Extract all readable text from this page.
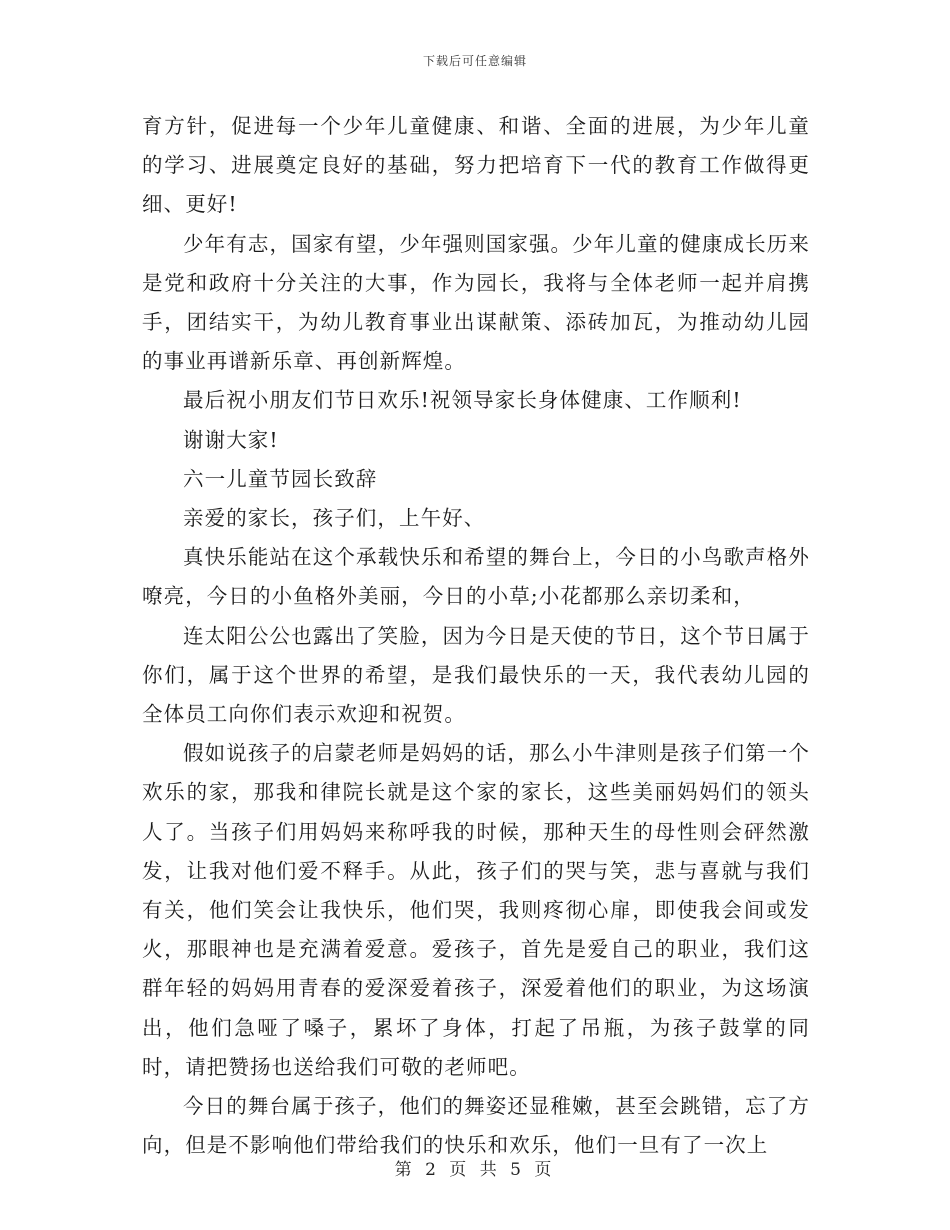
下载后可任意编辑

育方针，促进每一个少年儿童健康、和谐、全面的进展，为少年儿童的学习、进展奠定良好的基础，努力把培育下一代的教育工作做得更细、更好!

少年有志，国家有望，少年强则国家强。少年儿童的健康成长历来是党和政府十分关注的大事，作为园长，我将与全体老师一起并肩携手，团结实干，为幼儿教育事业出谋献策、添砖加瓦，为推动幼儿园的事业再谱新乐章、再创新辉煌。

最后祝小朋友们节日欢乐!祝领导家长身体健康、工作顺利!

谢谢大家!

六一儿童节园长致辞

亲爱的家长，孩子们，上午好、

真快乐能站在这个承载快乐和希望的舞台上，今日的小鸟歌声格外嘹亮，今日的小鱼格外美丽，今日的小草;小花都那么亲切柔和，

连太阳公公也露出了笑脸，因为今日是天使的节日，这个节日属于你们，属于这个世界的希望，是我们最快乐的一天，我代表幼儿园的全体员工向你们表示欢迎和祝贺。

假如说孩子的启蒙老师是妈妈的话，那么小牛津则是孩子们第一个欢乐的家，那我和律院长就是这个家的家长，这些美丽妈妈们的领头人了。当孩子们用妈妈来称呼我的时候，那种天生的母性则会砰然激发，让我对他们爱不释手。从此，孩子们的哭与笑，悲与喜就与我们有关，他们笑会让我快乐，他们哭，我则疼彻心扉，即使我会间或发火，那眼神也是充满着爱意。爱孩子，首先是爱自己的职业，我们这群年轻的妈妈用青春的爱深爱着孩子，深爱着他们的职业，为这场演出，他们急哑了嗓子，累坏了身体，打起了吊瓶，为孩子鼓掌的同时，请把赞扬也送给我们可敬的老师吧。

今日的舞台属于孩子，他们的舞姿还显稚嫩，甚至会跳错，忘了方向，但是不影响他们带给我们的快乐和欢乐，他们一旦有了一次上

第 2 页 共 5 页
